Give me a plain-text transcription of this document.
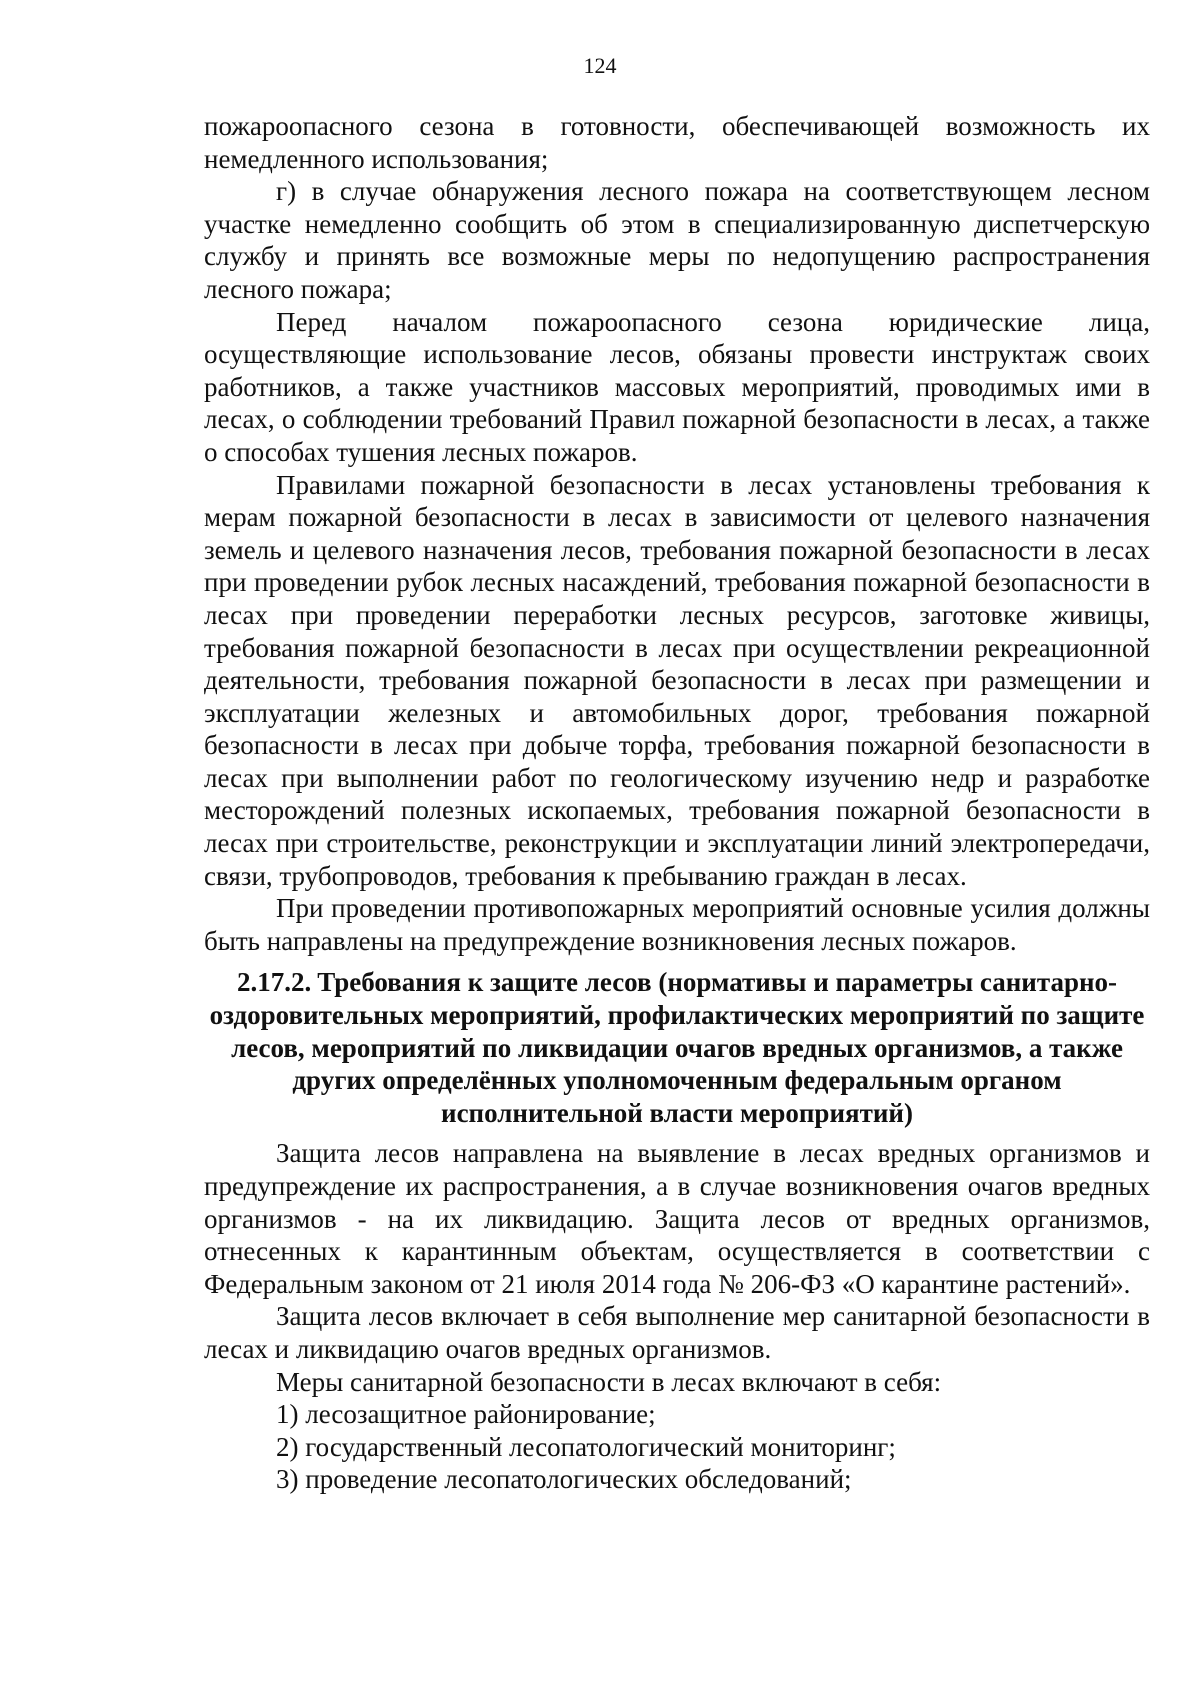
124

пожароопасного сезона в готовности, обеспечивающей возможность их немедленного использования;

г) в случае обнаружения лесного пожара на соответствующем лесном участке немедленно сообщить об этом в специализированную диспетчерскую службу и принять все возможные меры по недопущению распространения лесного пожара;

Перед началом пожароопасного сезона юридические лица, осуществляющие использование лесов, обязаны провести инструктаж своих работников, а также участников массовых мероприятий, проводимых ими в лесах, о соблюдении требований Правил пожарной безопасности в лесах, а также о способах тушения лесных пожаров.

Правилами пожарной безопасности в лесах установлены требования к мерам пожарной безопасности в лесах в зависимости от целевого назначения земель и целевого назначения лесов, требования пожарной безопасности в лесах при проведении рубок лесных насаждений, требования пожарной безопасности в лесах при проведении переработки лесных ресурсов, заготовке живицы, требования пожарной безопасности в лесах при осуществлении рекреационной деятельности, требования пожарной безопасности в лесах при размещении и эксплуатации железных и автомобильных дорог, требования пожарной безопасности в лесах при добыче торфа, требования пожарной безопасности в лесах при выполнении работ по геологическому изучению недр и разработке месторождений полезных ископаемых, требования пожарной безопасности в лесах при строительстве, реконструкции и эксплуатации линий электропередачи, связи, трубопроводов, требования к пребыванию граждан в лесах.

При проведении противопожарных мероприятий основные усилия должны быть направлены на предупреждение возникновения лесных пожаров.

2.17.2. Требования к защите лесов (нормативы и параметры санитарно-оздоровительных мероприятий, профилактических мероприятий по защите лесов, мероприятий по ликвидации очагов вредных организмов, а также других определённых уполномоченным федеральным органом исполнительной власти мероприятий)

Защита лесов направлена на выявление в лесах вредных организмов и предупреждение их распространения, а в случае возникновения очагов вредных организмов - на их ликвидацию. Защита лесов от вредных организмов, отнесенных к карантинным объектам, осуществляется в соответствии с Федеральным законом от 21 июля 2014 года № 206-ФЗ «О карантине растений».

Защита лесов включает в себя выполнение мер санитарной безопасности в лесах и ликвидацию очагов вредных организмов.

Меры санитарной безопасности в лесах включают в себя:

1) лесозащитное районирование;

2) государственный лесопатологический мониторинг;

3) проведение лесопатологических обследований;
